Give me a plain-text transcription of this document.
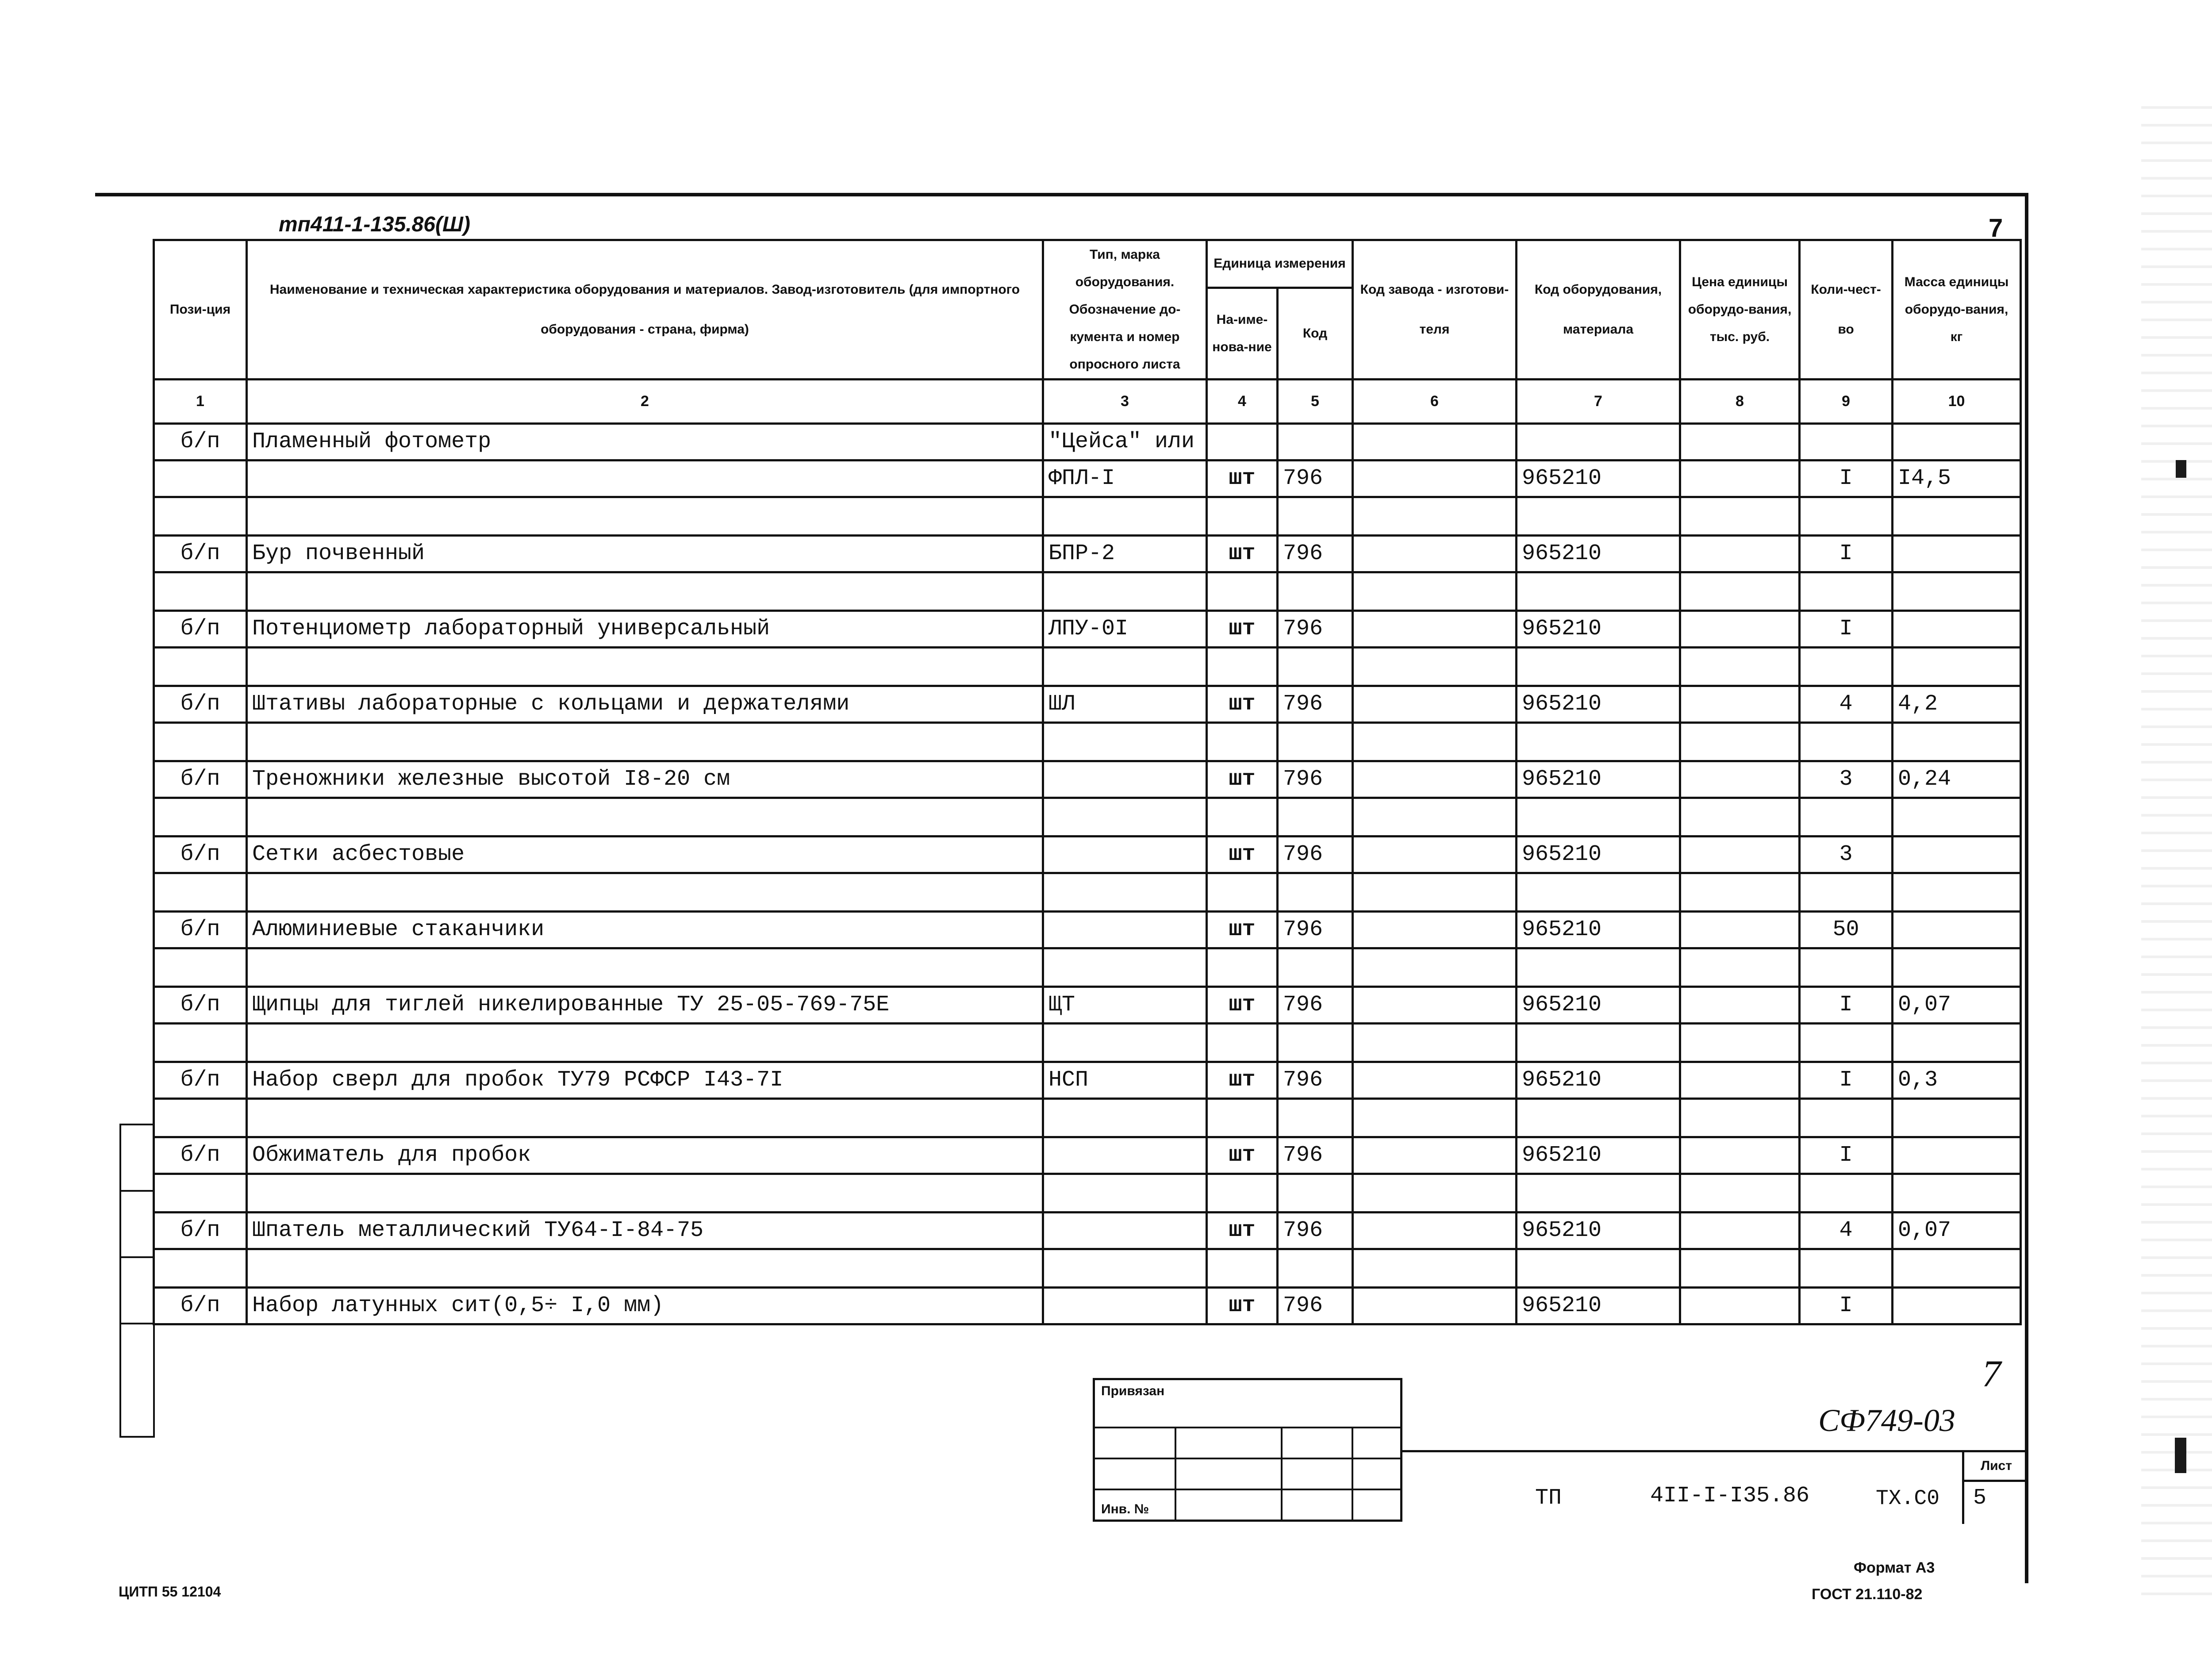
тп411-1-135.86(Ш)	7
Пози-ция	Наименование и техническая характеристика оборудования и материалов. Завод-изготовитель (для импортного оборудования - страна, фирма)	Тип, марка оборудования. Обозначение до-кумента и номер опросного листа	Единица измерения		Код завода - изготови-теля	Код оборудования, материала	Цена единицы оборудо-вания, тыс. руб.	Коли-чест-во	Масса единицы оборудо-вания, кг
			На-име-нова-ние	Код					
1	2	3	4	5	6	7	8	9	10
б/п	Пламенный фотометр	"Цейса" или							
		ФПЛ-I	шт	796		965210		I	I4,5

б/п	Бур почвенный	БПР-2	шт	796		965210		I	

б/п	Потенциометр лабораторный универсальный	ЛПУ-0I	шт	796		965210		I	

б/п	Штативы лабораторные с кольцами и держателями	ШЛ	шт	796		965210		4	4,2

б/п	Треножники железные высотой I8-20 см		шт	796		965210		3	0,24

б/п	Сетки асбестовые		шт	796		965210		3	

б/п	Алюминиевые стаканчики		шт	796		965210		50	

б/п	Щипцы для тиглей никелированные ТУ 25-05-769-75Е	ЩТ	шт	796		965210		I	0,07

б/п	Набор сверл для пробок ТУ79 РСФСР I43-7I	НСП	шт	796		965210		I	0,3

б/п	Обжиматель для пробок		шт	796		965210		I	

б/п	Шпатель металлический ТУ64-I-84-75		шт	796		965210		4	0,07

б/п	Набор латунных сит(0,5÷ I,0 мм)		шт	796		965210		I	
Привязан
Инв. №
7
СФ749-03
ТП	4II-I-I35.86	ТХ.С0
Лист
5
Формат А3
ГОСТ 21.110-82
ЦИТП 55 12104
